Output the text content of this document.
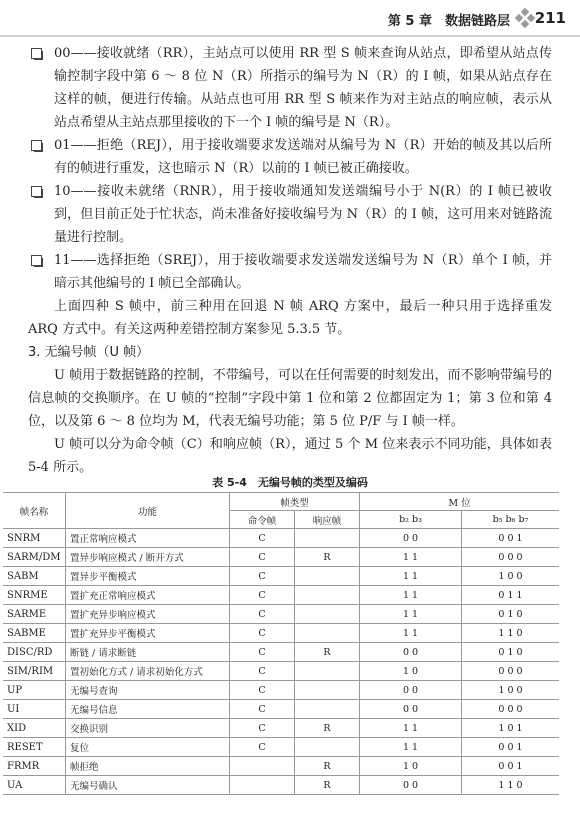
第 5 章　数据链路层 211
00——接收就绪（RR），主站点可以使用 RR 型 S 帧来查询从站点，即希望从站点传输控制字段中第 6 ～ 8 位 N（R）所指示的编号为 N（R）的 I 帧，如果从站点存在这样的帧，便进行传输。从站点也可用 RR 型 S 帧来作为对主站点的响应帧，表示从站点希望从主站点那里接收的下一个 I 帧的编号是 N（R）。
01——拒绝（REJ），用于接收端要求发送端对从编号为 N（R）开始的帧及其以后所有的帧进行重发，这也暗示 N（R）以前的 I 帧已被正确接收。
10——接收未就绪（RNR），用于接收端通知发送端编号小于 N(R）的 I 帧已被收到，但目前正处于忙状态，尚未准备好接收编号为 N（R）的 I 帧，这可用来对链路流量进行控制。
11——选择拒绝（SREJ），用于接收端要求发送端发送编号为 N（R）单个 I 帧，并暗示其他编号的 I 帧已全部确认。

上面四种 S 帧中，前三种用在回退 N 帧 ARQ 方案中，最后一种只用于选择重发 ARQ 方式中。有关这两种差错控制方案参见 5.3.5 节。

3. 无编号帧（U 帧）

U 帧用于数据链路的控制，不带编号，可以在任何需要的时刻发出，而不影响带编号的信息帧的交换顺序。在 U 帧的“控制”字段中第 1 位和第 2 位都固定为 1；第 3 位和第 4 位，以及第 6 ～ 8 位均为 M，代表无编号功能；第 5 位 P/F 与 I 帧一样。

U 帧可以分为命令帧（C）和响应帧（R），通过 5 个 M 位来表示不同功能，具体如表 5-4 所示。

表 5-4　无编号帧的类型及编码
帧名称	功能	帧类型		M 位	
		命令帧	响应帧	b₂ b₃	b₅ b₆ b₇
SNRM	置正常响应模式	C		0 0	0 0 1
SARM/DM	置异步响应模式 / 断开方式	C	R	1 1	0 0 0
SABM	置异步平衡模式	C		1 1	1 0 0
SNRME	置扩充正常响应模式	C		1 1	0 1 1
SARME	置扩充异步响应模式	C		1 1	0 1 0
SABME	置扩充异步平衡模式	C		1 1	1 1 0
DISC/RD	断链 / 请求断链	C	R	0 0	0 1 0
SIM/RIM	置初始化方式 / 请求初始化方式	C		1 0	0 0 0
UP	无编号查询	C		0 0	1 0 0
UI	无编号信息	C		0 0	0 0 0
XID	交换识别	C	R	1 1	1 0 1
RESET	复位	C		1 1	0 0 1
FRMR	帧拒绝		R	1 0	0 0 1
UA	无编号确认		R	0 0	1 1 0
